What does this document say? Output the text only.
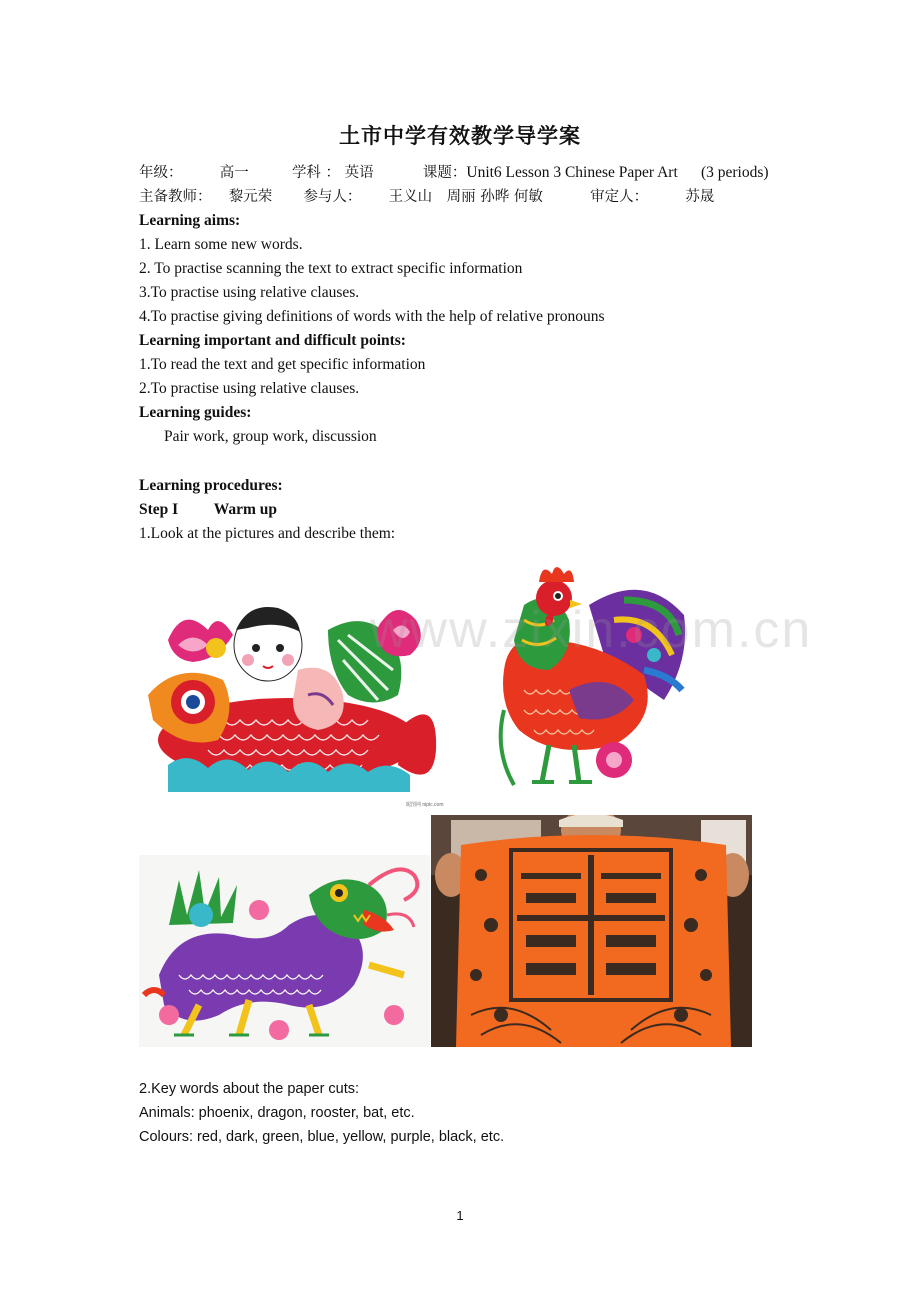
土市中学有效教学导学案
年级：	高一	学科 ： 英语	课题：Unit6 Lesson 3 Chinese Paper Art (3 periods)
主备教师： 黎元荣 参与人： 王义山　周丽 孙晔 何敏	审定人：	苏晟
Learning aims:
1. Learn some new words.
2. To practise scanning the text to extract specific information
3.To practise using relative clauses.
4.To practise giving definitions of words with the help of relative pronouns
Learning important and difficult points:
1.To read the text and get specific information
2.To practise using relative clauses.
Learning guides:
Pair work, group work, discussion
Learning procedures:
Step I Warm up
1.Look at the pictures and describe them:
www.zixin.com.cn
昵图网 nipic.com
2.Key words about the paper cuts:
Animals: phoenix, dragon, rooster, bat, etc.
Colours: red, dark, green, blue, yellow, purple, black, etc.
1
